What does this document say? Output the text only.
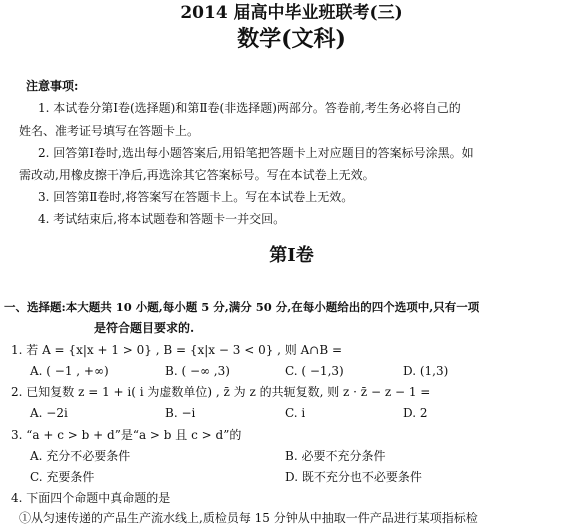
2014 届高中毕业班联考(三)
数学(文科)
注意事项:
1. 本试卷分第Ⅰ卷(选择题)和第Ⅱ卷(非选择题)两部分。答卷前,考生务必将自己的
姓名、准考证号填写在答题卡上。
2. 回答第Ⅰ卷时,选出每小题答案后,用铅笔把答题卡上对应题目的答案标号涂黑。如
需改动,用橡皮擦干净后,再选涂其它答案标号。写在本试卷上无效。
3. 回答第Ⅱ卷时,将答案写在答题卡上。写在本试卷上无效。
4. 考试结束后,将本试题卷和答题卡一并交回。
第Ⅰ卷
一、选择题:本大题共 10 小题,每小题 5 分,满分 50 分,在每小题给出的四个选项中,只有一项
是符合题目要求的.
1. 若 A = {x|x + 1 > 0} , B = {x|x − 3 < 0} , 则 A∩B =
A. ( −1 , +∞)	B. ( −∞ ,3)	C. ( −1,3)	D. (1,3)
2. 已知复数 z = 1 + i( i 为虚数单位) , z̄ 为 z 的共轭复数, 则 z · z̄ − z − 1 =
A. −2i	B. −i	C. i	D. 2
3. “a + c > b + d”是“a > b 且 c > d”的
A. 充分不必要条件	B. 必要不充分条件
C. 充要条件	D. 既不充分也不必要条件
4. 下面四个命题中真命题的是
①从匀速传递的产品生产流水线上,质检员每 15 分钟从中抽取一件产品进行某项指标检
